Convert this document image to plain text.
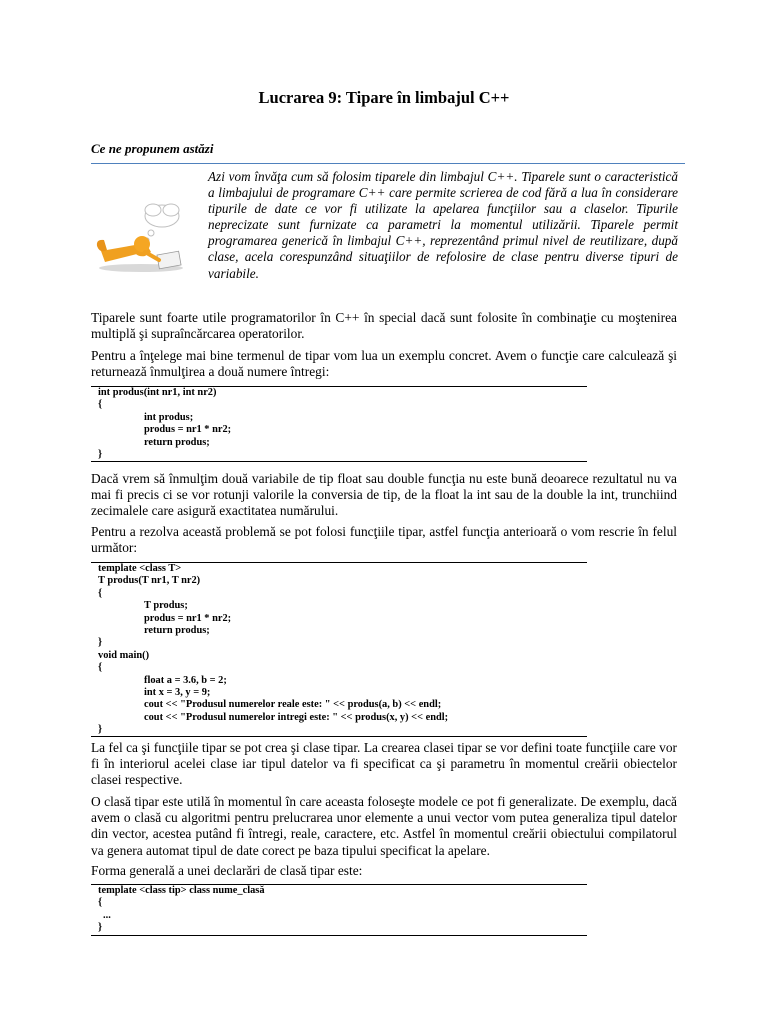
Lucrarea 9: Tipare în limbajul C++
Ce ne propunem astăzi
Azi vom învăţa cum să folosim tiparele din limbajul C++. Tiparele sunt o caracteristică a limbajului de programare C++ care permite scrierea de cod fără a lua în considerare tipurile de date ce vor fi utilizate la apelarea funcţiilor sau a claselor. Tipurile neprecizate sunt furnizate ca parametri la momentul utilizării. Tiparele permit programarea generică în limbajul C++, reprezentând primul nivel de reutilizare, după clase, acela corespunzând situaţiilor de refolosire de clase pentru diverse tipuri de variabile.
Tiparele sunt foarte utile programatorilor în C++ în special dacă sunt folosite în combinaţie cu moştenirea multiplă şi supraîncărcarea operatorilor.
Pentru a înţelege mai bine termenul de tipar vom lua un exemplu concret. Avem o funcţie care calculează şi returnează înmulţirea a două numere întregi:
int produs(int nr1, int nr2)
{
int produs;
produs = nr1 * nr2;
return produs;
}
Dacă vrem să înmulţim două variabile de tip float sau double funcţia nu este bună deoarece rezultatul nu va mai fi precis ci se vor rotunji valorile la conversia de tip, de la float la int sau de la double la int, trunchiind zecimalele care asigură exactitatea numărului.
Pentru a rezolva această problemă se pot folosi funcţiile tipar, astfel funcţia anterioară o vom rescrie în felul următor:
template <class T>
T produs(T nr1, T nr2)
{
T produs;
produs = nr1 * nr2;
return produs;
}
void main()
{
float a = 3.6, b = 2;
int x = 3, y = 9;
cout << "Produsul numerelor reale este: " << produs(a, b) << endl;
cout << "Produsul numerelor intregi este: " << produs(x, y) << endl;
}
La fel ca şi funcţiile tipar se pot crea şi clase tipar. La crearea clasei tipar se vor defini toate funcţiile care vor fi în interiorul acelei clase iar tipul datelor va fi specificat ca şi parametru în momentul creării obiectelor clasei respective.
O clasă tipar este utilă în momentul în care aceasta foloseşte modele ce pot fi generalizate. De exemplu, dacă avem o clasă cu algoritmi pentru prelucrarea unor elemente a unui vector vom putea generaliza tipul datelor din vector, acestea putând fi întregi, reale, caractere, etc. Astfel în momentul creării obiectului compilatorul va genera automat tipul de date corect pe baza tipului specificat la apelare.
Forma generală a unei declarări de clasă tipar este:
template <class tip> class nume_clasă
{
...
}
